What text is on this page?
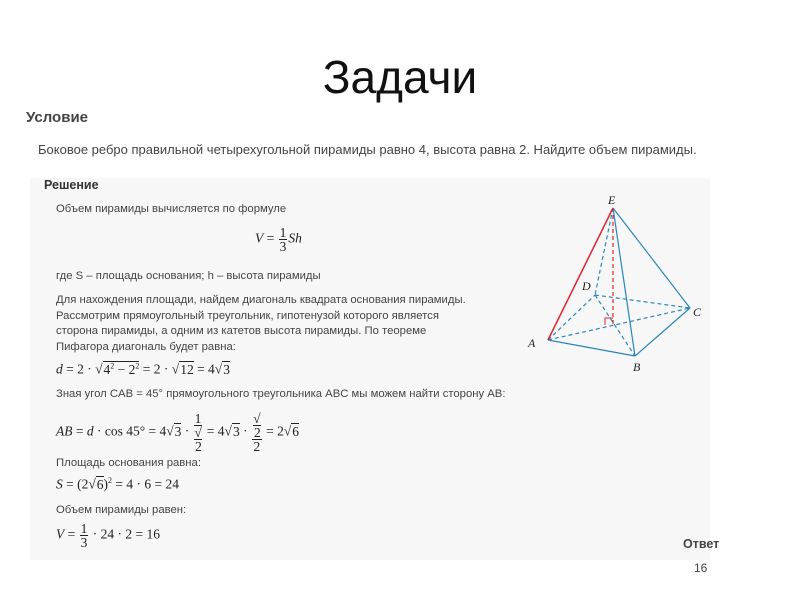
Задачи
Условие
Боковое ребро правильной четырехугольной пирамиды равно 4, высота равна 2. Найдите объем пирамиды.
Решение
Объем пирамиды вычисляется по формуле
$V = \frac{1}{3}$ Sh
где S – площадь основания; h – высота пирамиды
Для нахождения площади, найдем диагональ квадрата основания пирамиды.
Рассмотрим прямоугольный треугольник, гипотенузой которого является
сторона пирамиды, а одним из катетов высота пирамиды. По теореме
Пифагора диагональ будет равна:
$d = 2 \cdot √4^2 - 2^2 = 2 \cdot √12 = 4√3$
Зная угол CAB = 45° прямоугольного треугольника ABC мы можем найти сторону AB:
AB = d · cos 45° = 4√3 · 1
√
2 = 4√3 · √
2
2 = 2√6
Площадь основания равна:
$S = (2√6)^2 = 4 \cdot 6 = 24$
Объем пирамиды равен:
$V = \frac{1}{3} \cdot 24 \cdot 2 = 16$
Ответ
16
E
D
C
A
B
